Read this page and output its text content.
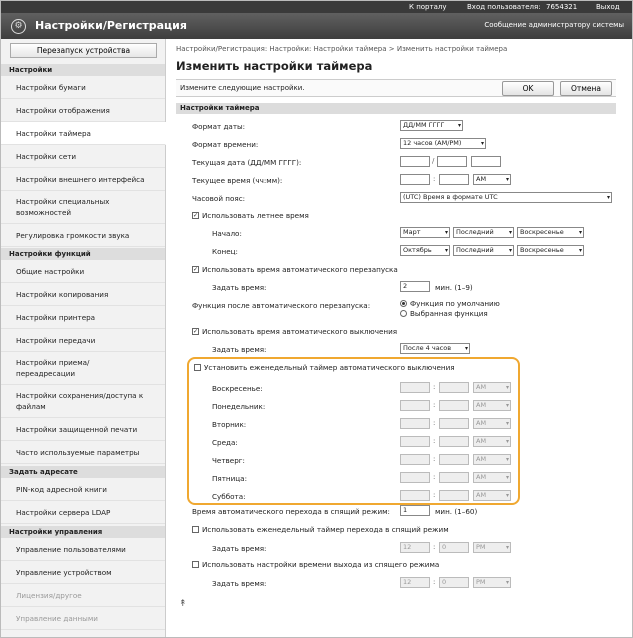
К порталу	Вход пользователя: 7654321	Выход
⚙	Настройки/Регистрация	Сообщение администратору системы
Перезапуск устройства
Настройки
Настройки бумаги
Настройки отображения
Настройки таймера
Настройки сети
Настройки внешнего интерфейса
Настройки специальных возможностей
Регулировка громкости звука
Настройки функций
Общие настройки
Настройки копирования
Настройки принтера
Настройки передачи
Настройки приема/переадресации
Настройки сохранения/доступа к файлам
Настройки защищенной печати
Часто используемые параметры
Задать адресате
PIN-код адресной книги
Настройки сервера LDAP
Настройки управления
Управление пользователями
Управление устройством
Лицензия/другое
Управление данными
Настройки/Регистрация: Настройки: Настройки таймера > Изменить настройки таймера
Изменить настройки таймера
Измените следующие настройки.	OK	Отмена
Настройки таймера
Формат даты:	ДД/ММ ГГГГ ▾
Формат времени:	12 часов (AM/PM)	▾
Текущая дата (ДД/ММ ГГГГ):	/
Текущее время (чч:мм):	:	AM	▾
Часовой пояс:	(UTC) Время в формате UTC	▾
✓ Использовать летнее время
Начало:	Март	▾	Последний	▾	Воскресенье	▾
Конец:	Октябрь ▾	Последний	▾	Воскресенье	▾
✓ Использовать время автоматического перезапуска
Задать время:	2	мин. (1–9)
Функция после автоматического перезапуска:	Функция по умолчанию
Выбранная функция
✓ Использовать время автоматического выключения
Задать время:	После 4 часов ▾
Установить еженедельный таймер автоматического выключения
Воскресенье:	:	AM	▾
Понедельник:	:	AM	▾
Вторник:	:	AM	▾
Среда:	:	AM	▾
Четверг:	:	AM	▾
Пятница:	:	AM	▾
Суббота:	:	AM	▾
Время автоматического перехода в спящий режим:	1	мин. (1–60)
Использовать еженедельный таймер перехода в спящий режим
Задать время:	12	:	0	PM	▾
Использовать настройки времени выхода из спящего режима
Задать время:	12	:	0	PM	▾
↟
